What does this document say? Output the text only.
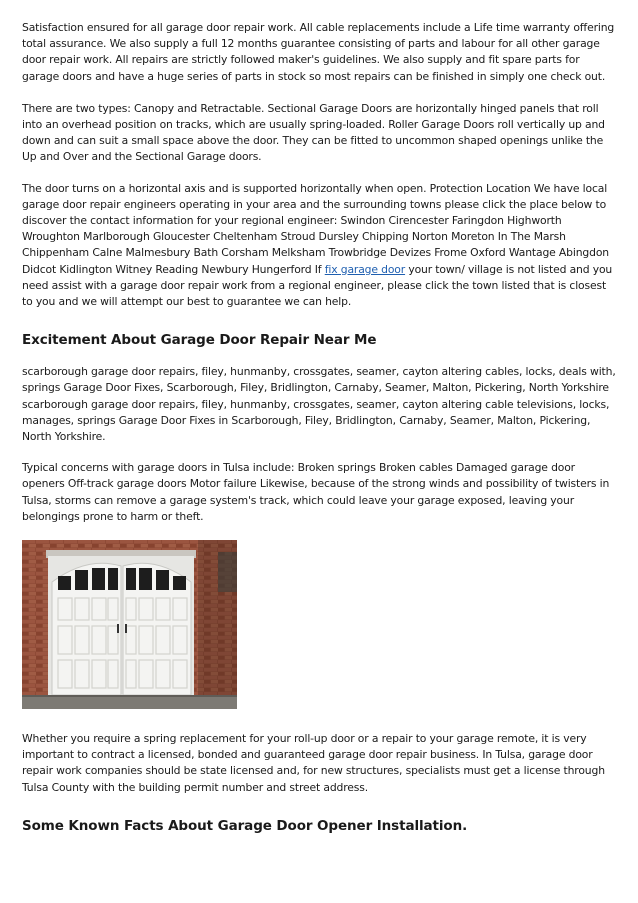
Satisfaction ensured for all garage door repair work. All cable replacements include a Life time warranty offering total assurance. We also supply a full 12 months guarantee consisting of parts and labour for all other garage door repair work. All repairs are strictly followed maker's guidelines. We also supply and fit spare parts for garage doors and have a huge series of parts in stock so most repairs can be finished in simply one check out.

There are two types: Canopy and Retractable. Sectional Garage Doors are horizontally hinged panels that roll into an overhead position on tracks, which are usually spring-loaded. Roller Garage Doors roll vertically up and down and can suit a small space above the door. They can be fitted to uncommon shaped openings unlike the Up and Over and the Sectional Garage doors.

The door turns on a horizontal axis and is supported horizontally when open. Protection Location We have local garage door repair engineers operating in your area and the surrounding towns please click the place below to discover the contact information for your regional engineer: Swindon Cirencester Faringdon Highworth Wroughton Marlborough Gloucester Cheltenham Stroud Dursley Chipping Norton Moreton In The Marsh Chippenham Calne Malmesbury Bath Corsham Melksham Trowbridge Devizes Frome Oxford Wantage Abingdon Didcot Kidlington Witney Reading Newbury Hungerford If fix garage door your town/ village is not listed and you need assist with a garage door repair work from a regional engineer, please click the town listed that is closest to you and we will attempt our best to guarantee we can help.

Excitement About Garage Door Repair Near Me

scarborough garage door repairs, filey, hunmanby, crossgates, seamer, cayton altering cables, locks, deals with, springs Garage Door Fixes, Scarborough, Filey, Bridlington, Carnaby, Seamer, Malton, Pickering, North Yorkshire scarborough garage door repairs, filey, hunmanby, crossgates, seamer, cayton altering cable televisions, locks, manages, springs Garage Door Fixes in Scarborough, Filey, Bridlington, Carnaby, Seamer, Malton, Pickering, North Yorkshire.

Typical concerns with garage doors in Tulsa include: Broken springs Broken cables Damaged garage door openers Off-track garage doors Motor failure Likewise, because of the strong winds and possibility of twisters in Tulsa, storms can remove a garage system's track, which could leave your garage exposed, leaving your belongings prone to harm or theft.

Whether you require a spring replacement for your roll-up door or a repair to your garage remote, it is very important to contract a licensed, bonded and guaranteed garage door repair business. In Tulsa, garage door repair work companies should be state licensed and, for new structures, specialists must get a license through Tulsa County with the building permit number and street address.

Some Known Facts About Garage Door Opener Installation.
